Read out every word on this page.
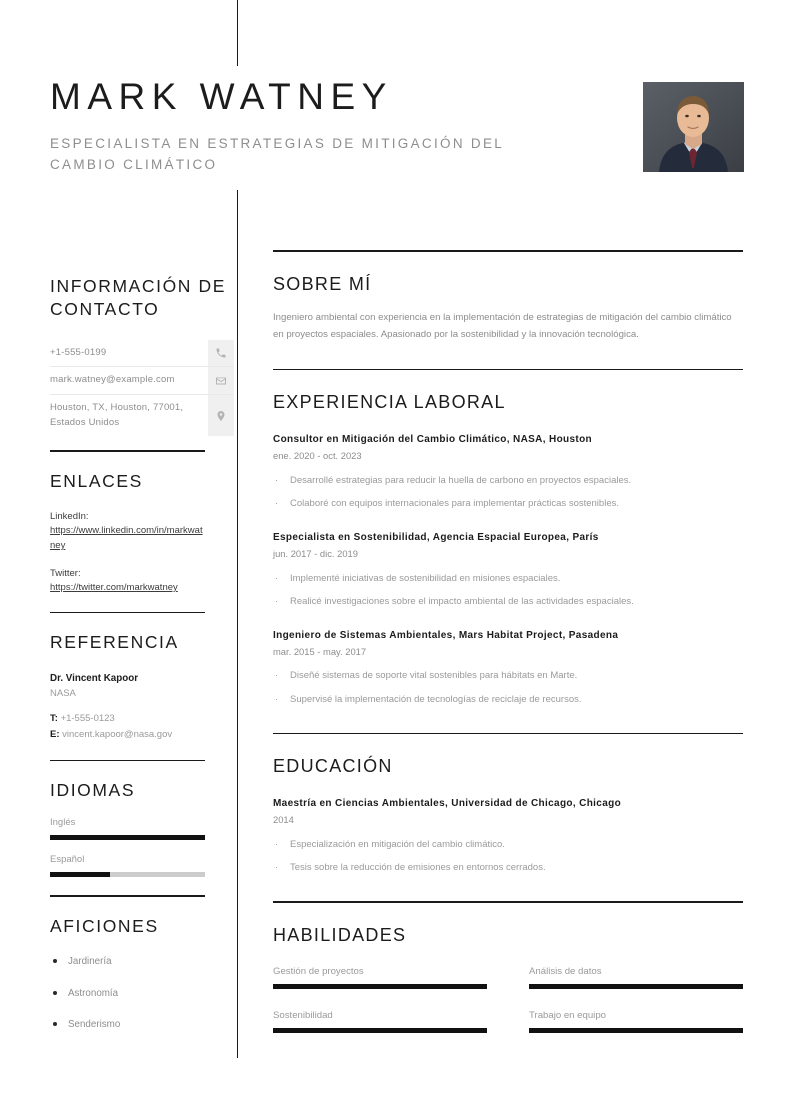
MARK WATNEY
ESPECIALISTA EN ESTRATEGIAS DE MITIGACIÓN DEL CAMBIO CLIMÁTICO
INFORMACIÓN DE CONTACTO
+1-555-0199
mark.watney@example.com
Houston, TX, Houston, 77001, Estados Unidos
ENLACES
LinkedIn:
https://www.linkedin.com/in/markwatney
Twitter:
https://twitter.com/markwatney
REFERENCIA
Dr. Vincent Kapoor
NASA
T: +1-555-0123
E: vincent.kapoor@nasa.gov
IDIOMAS
Inglés
Español
AFICIONES
Jardinería
Astronomía
Senderismo
SOBRE MÍ
Ingeniero ambiental con experiencia en la implementación de estrategias de mitigación del cambio climático en proyectos espaciales. Apasionado por la sostenibilidad y la innovación tecnológica.
EXPERIENCIA LABORAL
Consultor en Mitigación del Cambio Climático, NASA, Houston
ene. 2020 - oct. 2023
· Desarrollé estrategias para reducir la huella de carbono en proyectos espaciales.
· Colaboré con equipos internacionales para implementar prácticas sostenibles.
Especialista en Sostenibilidad, Agencia Espacial Europea, París
jun. 2017 - dic. 2019
· Implementé iniciativas de sostenibilidad en misiones espaciales.
· Realicé investigaciones sobre el impacto ambiental de las actividades espaciales.
Ingeniero de Sistemas Ambientales, Mars Habitat Project, Pasadena
mar. 2015 - may. 2017
· Diseñé sistemas de soporte vital sostenibles para hábitats en Marte.
· Supervisé la implementación de tecnologías de reciclaje de recursos.
EDUCACIÓN
Maestría en Ciencias Ambientales, Universidad de Chicago, Chicago
2014
· Especialización en mitigación del cambio climático.
· Tesis sobre la reducción de emisiones en entornos cerrados.
HABILIDADES
Gestión de proyectos	Análisis de datos
Sostenibilidad	Trabajo en equipo
